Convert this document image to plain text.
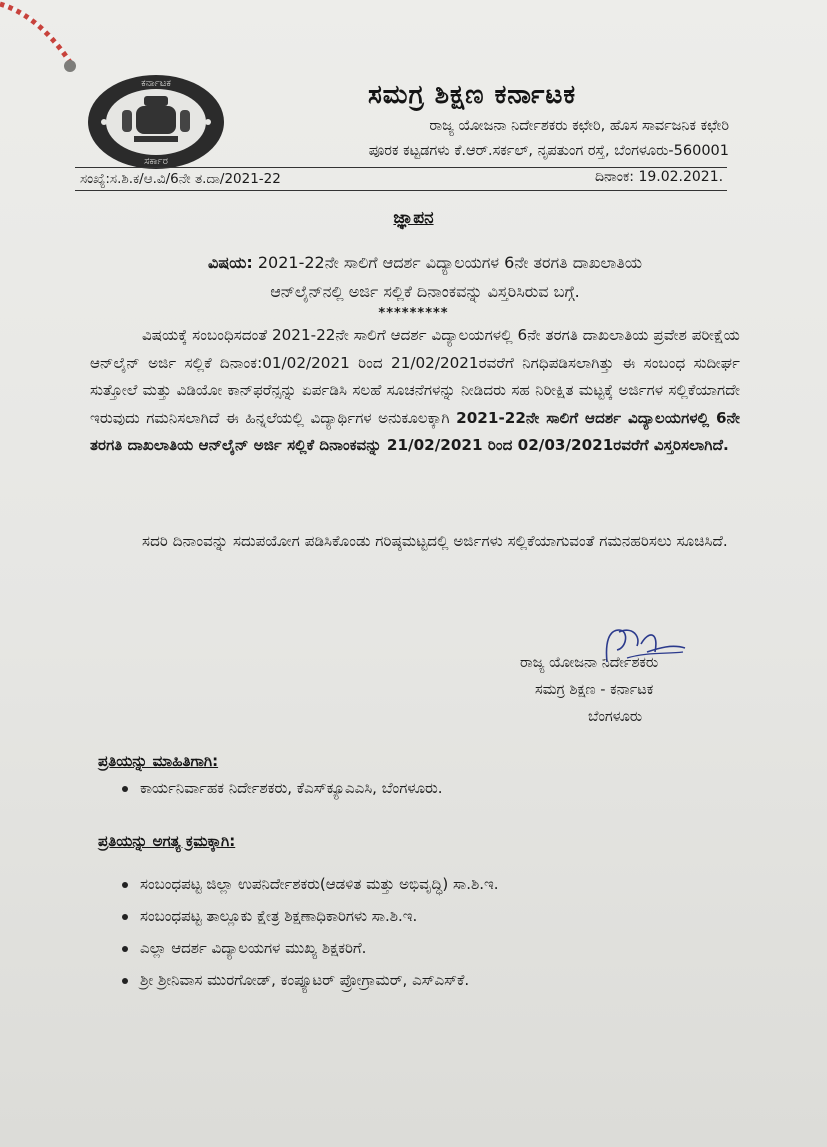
ಕರ್ನಾಟಕ
ಸರ್ಕಾರ
ಸಮಗ್ರ ಶಿಕ್ಷಣ ಕರ್ನಾಟಕ
ರಾಜ್ಯ ಯೋಜನಾ ನಿರ್ದೇಶಕರು ಕಛೇರಿ, ಹೊಸ ಸಾರ್ವಜನಿಕ ಕಛೇರಿ
ಪೂರಕ ಕಟ್ಟಡಗಳು ಕೆ.ಆರ್.ಸರ್ಕಲ್, ನೃಪತುಂಗ ರಸ್ತೆ, ಬೆಂಗಳೂರು-560001
ಸಂಖ್ಯೆ:ಸ.ಶಿ.ಕ/ಆ.ವಿ/6ನೇ ತ.ದಾ/2021-22	ದಿನಾಂಕ: 19.02.2021.
ಜ್ಞಾಪನ
ವಿಷಯ: 2021-22ನೇ ಸಾಲಿಗೆ ಆದರ್ಶ ವಿದ್ಯಾಲಯಗಳ 6ನೇ ತರಗತಿ ದಾಖಲಾತಿಯ
ಆನ್‌ಲೈನ್‌ನಲ್ಲಿ ಅರ್ಜಿ ಸಲ್ಲಿಕೆ ದಿನಾಂಕವನ್ನು ವಿಸ್ತರಿಸಿರುವ ಬಗ್ಗೆ.
*********
ವಿಷಯಕ್ಕೆ ಸಂಬಂಧಿಸದಂತೆ 2021-22ನೇ ಸಾಲಿಗೆ ಆದರ್ಶ ವಿದ್ಯಾಲಯಗಳಲ್ಲಿ 6ನೇ ತರಗತಿ ದಾಖಲಾತಿಯ ಪ್ರವೇಶ ಪರೀಕ್ಷೆಯ ಆನ್‌ಲೈನ್ ಅರ್ಜಿ ಸಲ್ಲಿಕೆ ದಿನಾಂಕ:01/02/2021 ರಿಂದ 21/02/2021ರವರೆಗೆ ನಿಗಧಿಪಡಿಸಲಾಗಿತ್ತು ಈ ಸಂಬಂಧ ಸುದೀರ್ಘ ಸುತ್ತೋಲೆ ಮತ್ತು ವಿಡಿಯೋ ಕಾನ್‌ಫರೆನ್ಸನ್ನು ಏರ್ಪಡಿಸಿ ಸಲಹೆ ಸೂಚನೆಗಳನ್ನು ನೀಡಿದರು ಸಹ ನಿರೀಕ್ಷಿತ ಮಟ್ಟಕ್ಕೆ ಅರ್ಜಿಗಳ ಸಲ್ಲಿಕೆಯಾಗದೇ ಇರುವುದು ಗಮನಿಸಲಾಗಿದೆ ಈ ಹಿನ್ನಲೆಯಲ್ಲಿ ವಿದ್ಯಾರ್ಥಿಗಳ ಅನುಕೂಲಕ್ಕಾಗಿ 2021-22ನೇ ಸಾಲಿಗೆ ಆದರ್ಶ ವಿದ್ಯಾಲಯಗಳಲ್ಲಿ 6ನೇ ತರಗತಿ ದಾಖಲಾತಿಯ ಆನ್‌ಲೈನ್ ಅರ್ಜಿ ಸಲ್ಲಿಕೆ ದಿನಾಂಕವನ್ನು 21/02/2021 ರಿಂದ 02/03/2021ರವರೆಗೆ ವಿಸ್ತರಿಸಲಾಗಿದೆ.
ಸದರಿ ದಿನಾಂವನ್ನು ಸದುಪಯೋಗ ಪಡಿಸಿಕೊಂಡು ಗರಿಷ್ಠಮಟ್ಟದಲ್ಲಿ ಅರ್ಜಿಗಳು ಸಲ್ಲಿಕೆಯಾಗುವಂತೆ ಗಮನಹರಿಸಲು ಸೂಚಿಸಿದೆ.
ರಾಜ್ಯ ಯೋಜನಾ ನಿರ್ದೇಶಕರು
ಸಮಗ್ರ ಶಿಕ್ಷಣ - ಕರ್ನಾಟಕ
ಬೆಂಗಳೂರು
ಪ್ರತಿಯನ್ನು ಮಾಹಿತಿಗಾಗಿ:
ಕಾರ್ಯನಿರ್ವಾಹಕ ನಿರ್ದೇಶಕರು, ಕೆಎಸ್‌ಕ್ಯೂಎಎಸಿ, ಬೆಂಗಳೂರು.
ಪ್ರತಿಯನ್ನು ಅಗತ್ಯ ಕ್ರಮಕ್ಕಾಗಿ:
ಸಂಬಂಧಪಟ್ಟ ಜಿಲ್ಲಾ ಉಪನಿರ್ದೇಶಕರು(ಆಡಳಿತ ಮತ್ತು ಅಭಿವೃದ್ಧಿ) ಸಾ.ಶಿ.ಇ.
ಸಂಬಂಧಪಟ್ಟ ತಾಲ್ಲೂಕು ಕ್ಷೇತ್ರ ಶಿಕ್ಷಣಾಧಿಕಾರಿಗಳು ಸಾ.ಶಿ.ಇ.
ಎಲ್ಲಾ ಆದರ್ಶ ವಿದ್ಯಾಲಯಗಳ ಮುಖ್ಯ ಶಿಕ್ಷಕರಿಗೆ.
ಶ್ರೀ ಶ್ರೀನಿವಾಸ ಮುರಗೋಡ್, ಕಂಪ್ಯೂಟರ್ ಪ್ರೋಗ್ರಾಮರ್, ಎಸ್‌ಎಸ್‌ಕೆ.
